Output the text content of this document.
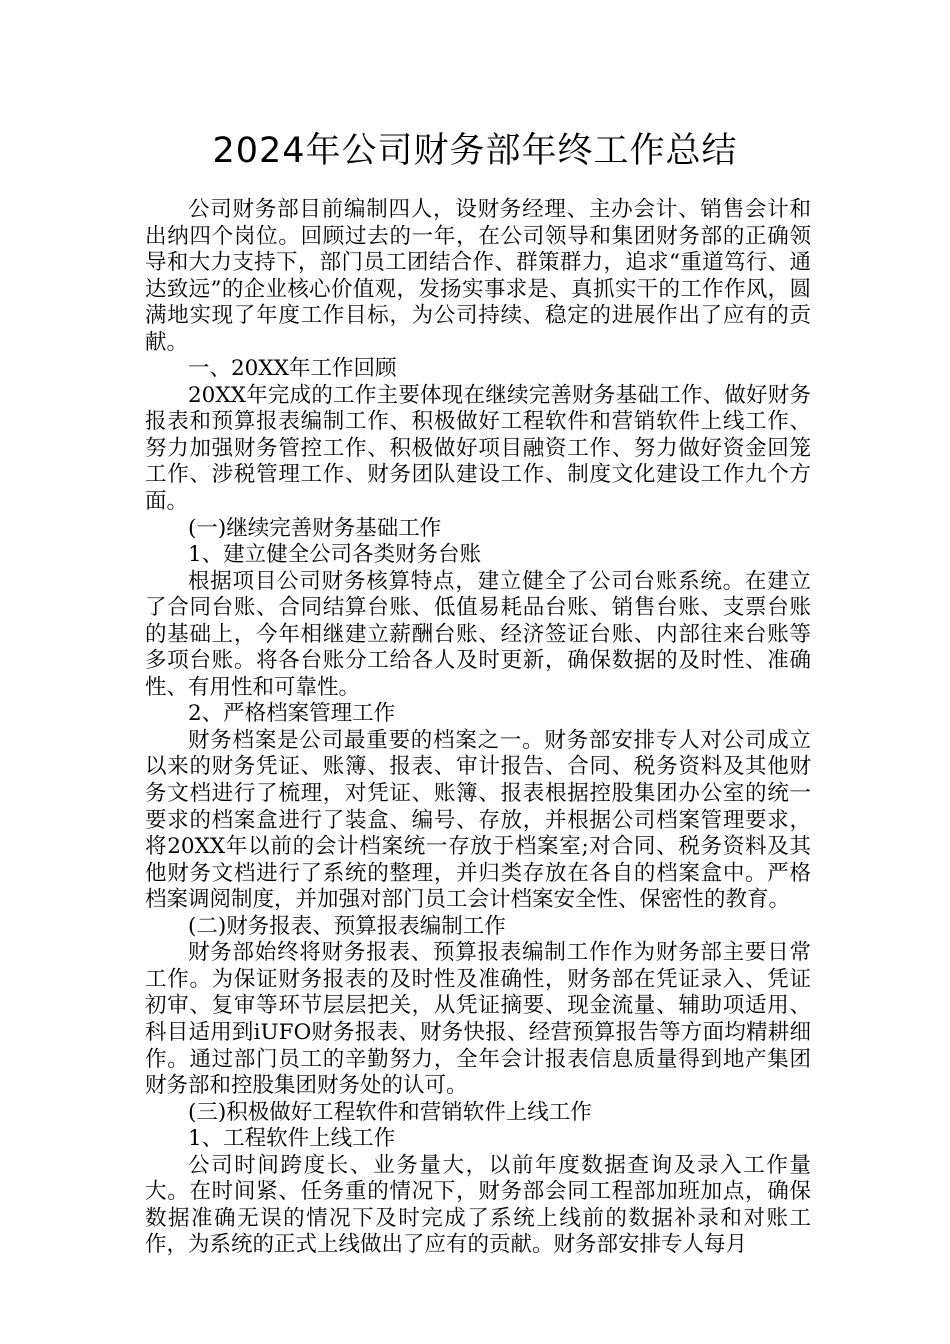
2024年公司财务部年终工作总结

公司财务部目前编制四人，设财务经理、主办会计、销售会计和出纳四个岗位。回顾过去的一年，在公司领导和集团财务部的正确领导和大力支持下，部门员工团结合作、群策群力，追求“重道笃行、通达致远”的企业核心价值观，发扬实事求是、真抓实干的工作作风，圆满地实现了年度工作目标，为公司持续、稳定的进展作出了应有的贡献。

一、20XX年工作回顾

20XX年完成的工作主要体现在继续完善财务基础工作、做好财务报表和预算报表编制工作、积极做好工程软件和营销软件上线工作、努力加强财务管控工作、积极做好项目融资工作、努力做好资金回笼工作、涉税管理工作、财务团队建设工作、制度文化建设工作九个方面。

(一)继续完善财务基础工作

1、建立健全公司各类财务台账

根据项目公司财务核算特点，建立健全了公司台账系统。在建立了合同台账、合同结算台账、低值易耗品台账、销售台账、支票台账的基础上，今年相继建立薪酬台账、经济签证台账、内部往来台账等多项台账。将各台账分工给各人及时更新，确保数据的及时性、准确性、有用性和可靠性。

2、严格档案管理工作

财务档案是公司最重要的档案之一。财务部安排专人对公司成立以来的财务凭证、账簿、报表、审计报告、合同、税务资料及其他财务文档进行了梳理，对凭证、账簿、报表根据控股集团办公室的统一要求的档案盒进行了装盒、编号、存放，并根据公司档案管理要求，将20XX年以前的会计档案统一存放于档案室;对合同、税务资料及其他财务文档进行了系统的整理，并归类存放在各自的档案盒中。严格档案调阅制度，并加强对部门员工会计档案安全性、保密性的教育。

(二)财务报表、预算报表编制工作

财务部始终将财务报表、预算报表编制工作作为财务部主要日常工作。为保证财务报表的及时性及准确性，财务部在凭证录入、凭证初审、复审等环节层层把关，从凭证摘要、现金流量、辅助项适用、科目适用到iUFO财务报表、财务快报、经营预算报告等方面均精耕细作。通过部门员工的辛勤努力，全年会计报表信息质量得到地产集团财务部和控股集团财务处的认可。

(三)积极做好工程软件和营销软件上线工作

1、工程软件上线工作

公司时间跨度长、业务量大，以前年度数据查询及录入工作量大。在时间紧、任务重的情况下，财务部会同工程部加班加点，确保数据准确无误的情况下及时完成了系统上线前的数据补录和对账工作，为系统的正式上线做出了应有的贡献。财务部安排专人每月
